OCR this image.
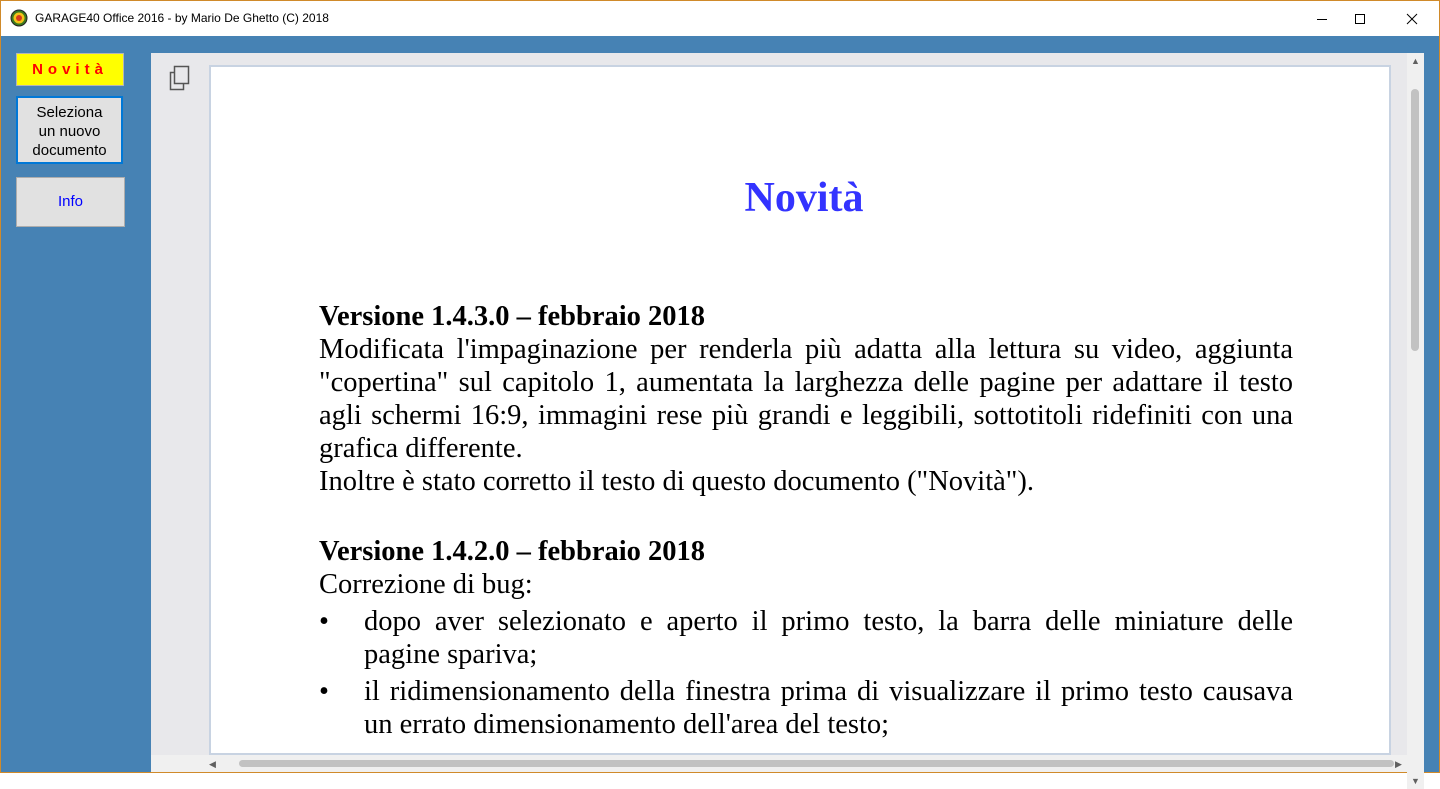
GARAGE40 Office 2016 - by Mario De Ghetto (C) 2018
Novità
Seleziona
un nuovo
documento
Info	Novità

Versione 1.4.3.0 – febbraio 2018

Modificata l'impaginazione per renderla più adatta alla lettura su video, aggiunta "copertina" sul capitolo 1, aumentata la larghezza delle pagine per adattare il testo agli schermi 16:9, immagini rese più grandi e leggibili, sottotitoli ridefiniti con una grafica differente.

Inoltre è stato corretto il testo di questo documento ("Novità").

Versione 1.4.2.0 – febbraio 2018

Correzione di bug:

•	dopo aver selezionato e aperto il primo testo, la barra delle miniature delle pagine spariva;
•	il ridimensionamento della finestra prima di visualizzare il primo testo causava un errato dimensionamento dell'area del testo;
▲
▼
◀	▶
